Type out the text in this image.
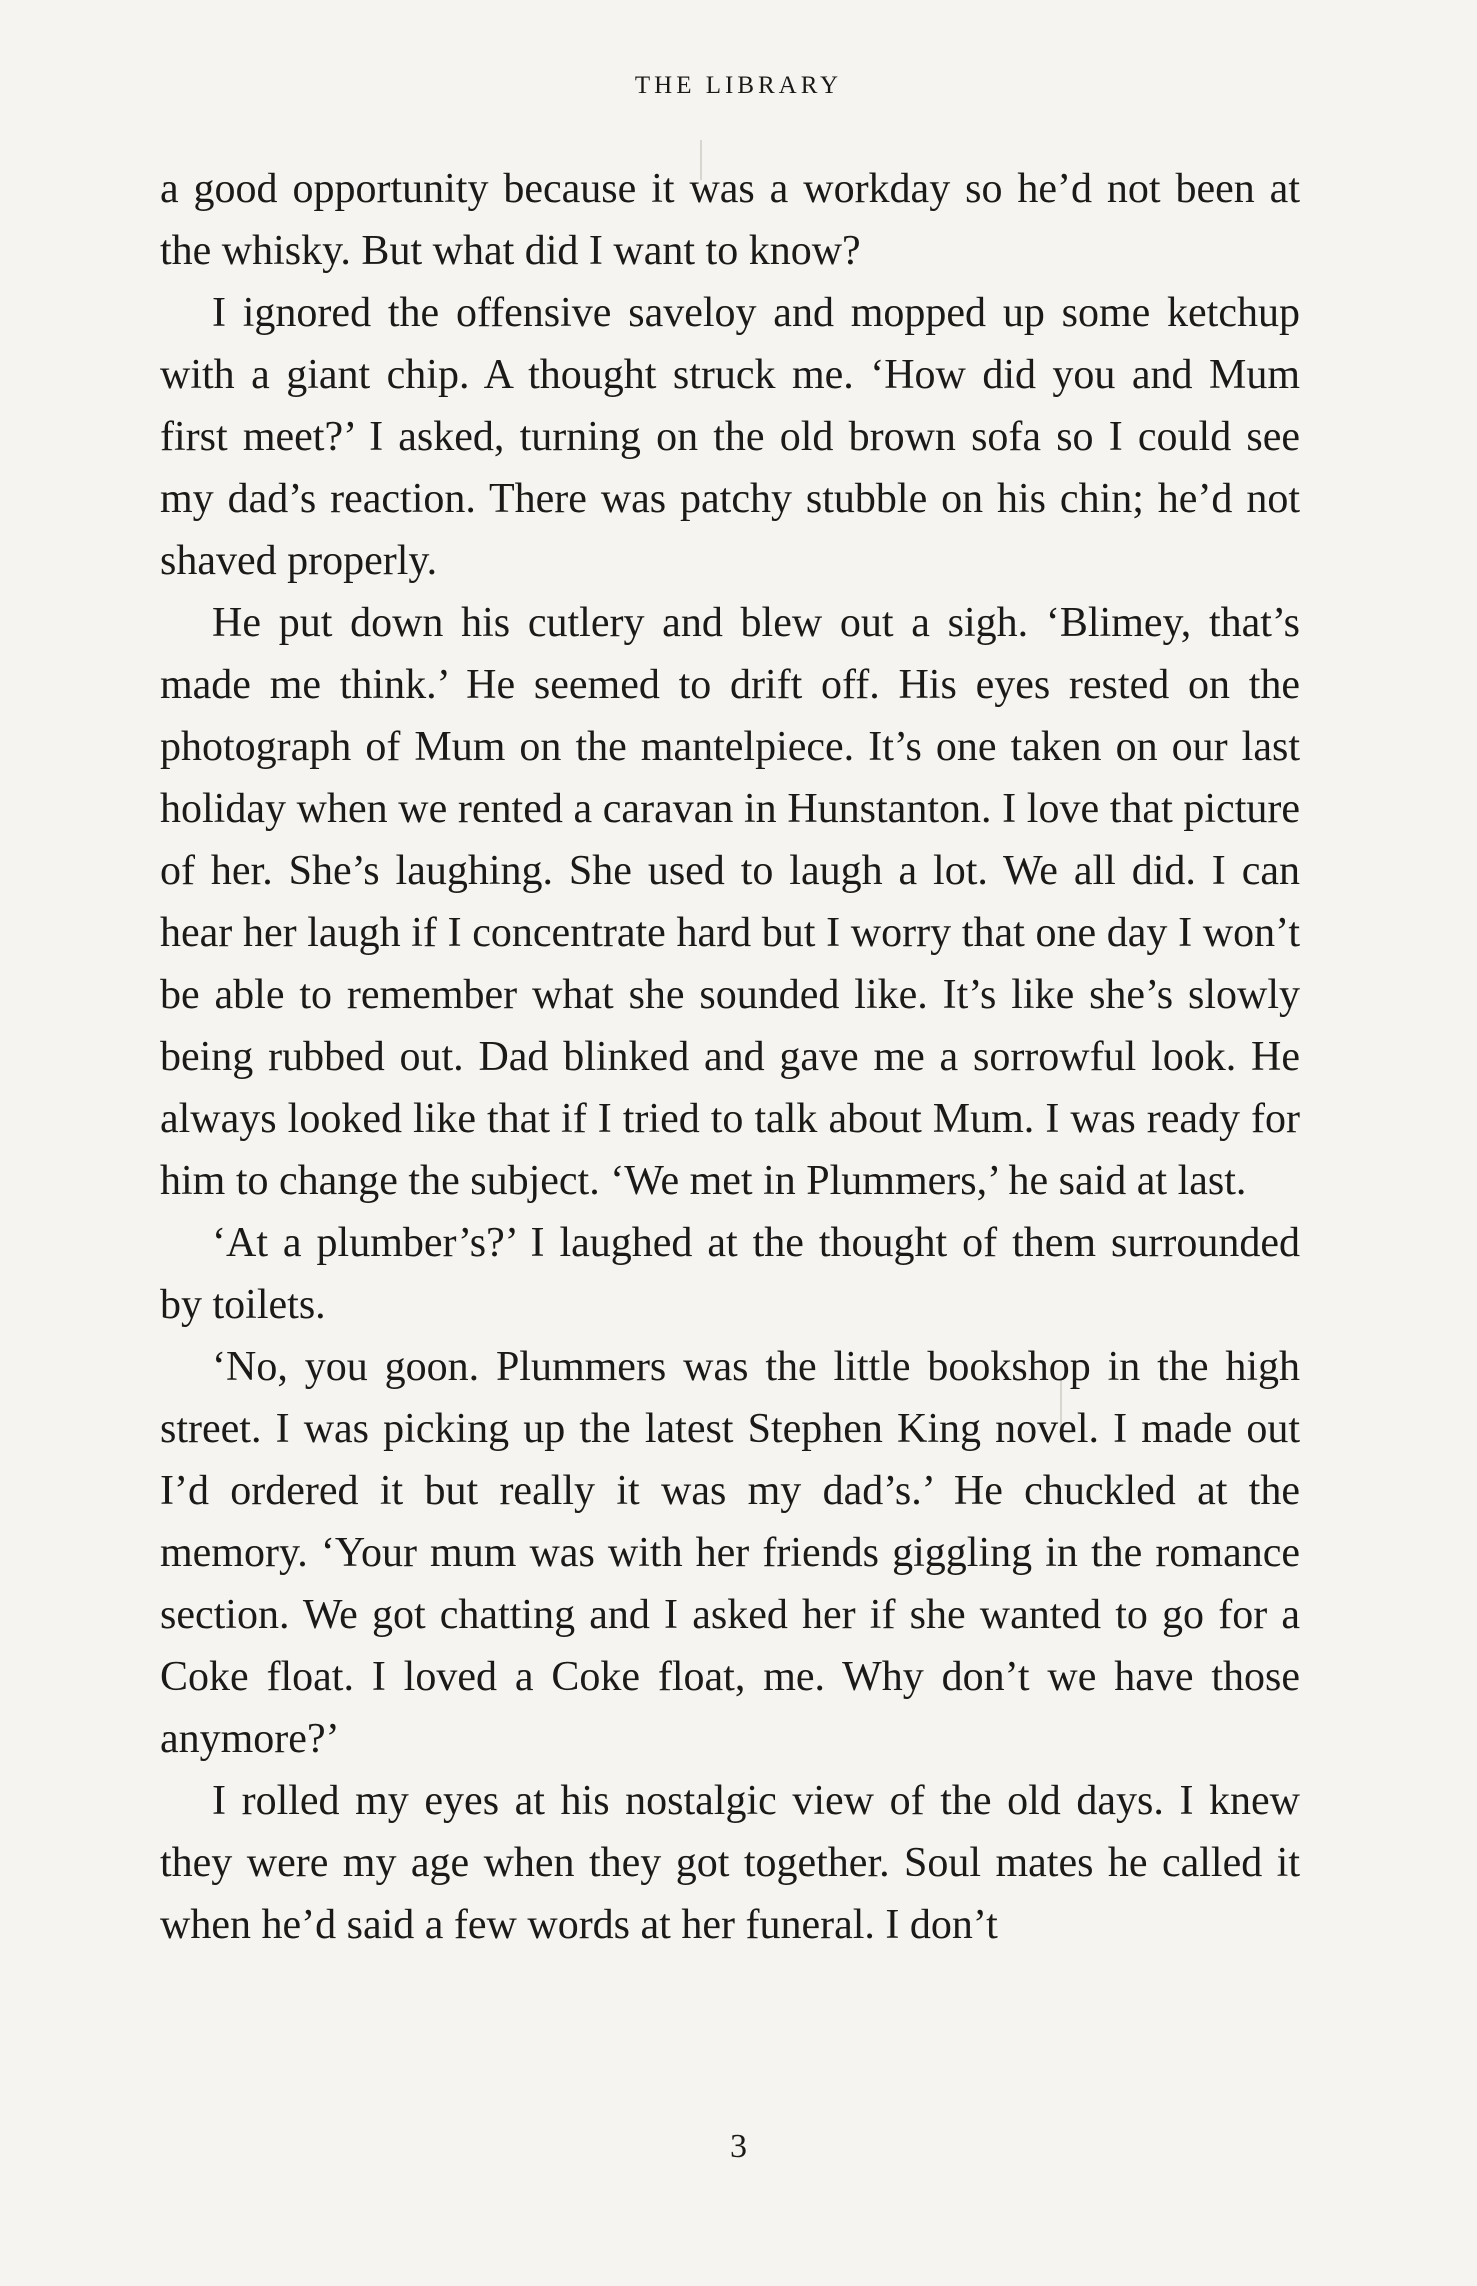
THE LIBRARY

a good opportunity because it was a workday so he’d not been at the whisky. But what did I want to know?

I ignored the offensive saveloy and mopped up some ketchup with a giant chip. A thought struck me. ‘How did you and Mum first meet?’ I asked, turning on the old brown sofa so I could see my dad’s reaction. There was patchy stubble on his chin; he’d not shaved properly.

He put down his cutlery and blew out a sigh. ‘Blimey, that’s made me think.’ He seemed to drift off. His eyes rested on the photograph of Mum on the mantelpiece. It’s one taken on our last holiday when we rented a caravan in Hunstanton. I love that picture of her. She’s laughing. She used to laugh a lot. We all did. I can hear her laugh if I concentrate hard but I worry that one day I won’t be able to remember what she sounded like. It’s like she’s slowly being rubbed out. Dad blinked and gave me a sorrowful look. He always looked like that if I tried to talk about Mum. I was ready for him to change the subject. ‘We met in Plummers,’ he said at last.

‘At a plumber’s?’ I laughed at the thought of them surrounded by toilets.

‘No, you goon. Plummers was the little bookshop in the high street. I was picking up the latest Stephen King novel. I made out I’d ordered it but really it was my dad’s.’ He chuckled at the memory. ‘Your mum was with her friends giggling in the romance section. We got chatting and I asked her if she wanted to go for a Coke float. I loved a Coke float, me. Why don’t we have those anymore?’

I rolled my eyes at his nostalgic view of the old days. I knew they were my age when they got together. Soul mates he called it when he’d said a few words at her funeral. I don’t

3
